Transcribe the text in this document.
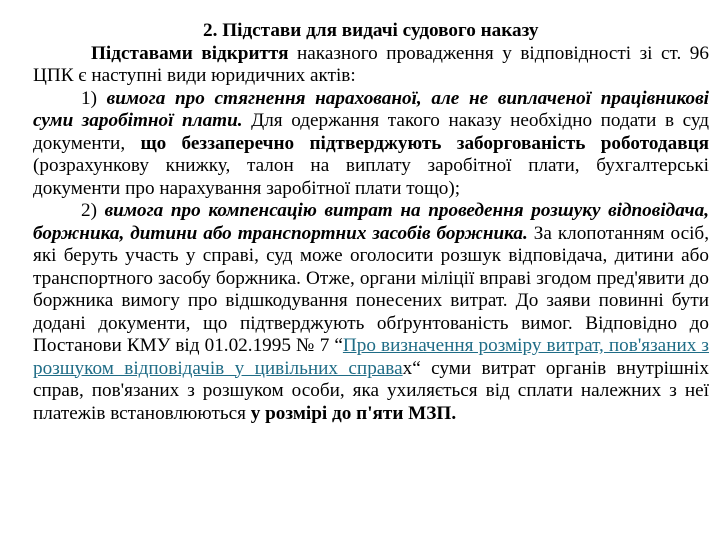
2. Підстави для видачі судового наказу

Підставами відкриття наказного провадження у відповідності зі ст. 96 ЦПК є наступні види юридичних актів:

1) вимога про стягнення нарахованої, але не виплаченої працівникові суми заробітної плати. Для одержання такого наказу необхідно подати в суд документи, що беззаперечно підтверджують заборгованість роботодавця (розрахункову книжку, талон на виплату заробітної плати, бухгалтерські документи про нарахування заробітної плати тощо);

2) вимога про компенсацію витрат на проведення розшуку відповідача, боржника, дитини або транспортних засобів боржника. За клопотанням осіб, які беруть участь у справі, суд може оголосити розшук відповідача, дитини або транспортного засобу боржника. Отже, органи міліції вправі згодом пред'явити до боржника вимогу про відшкодування понесених витрат. До заяви повинні бути додані документи, що підтверджують обґрунтованість вимог. Відповідно до Постанови КМУ від 01.02.1995 № 7 “Про визначення розміру витрат, пов'язаних з розшуком відповідачів у цивільних справах“ суми витрат органів внутрішніх справ, пов'язаних з розшуком особи, яка ухиляється від сплати належних з неї платежів встановлюються у розмірі до п'яти МЗП.
